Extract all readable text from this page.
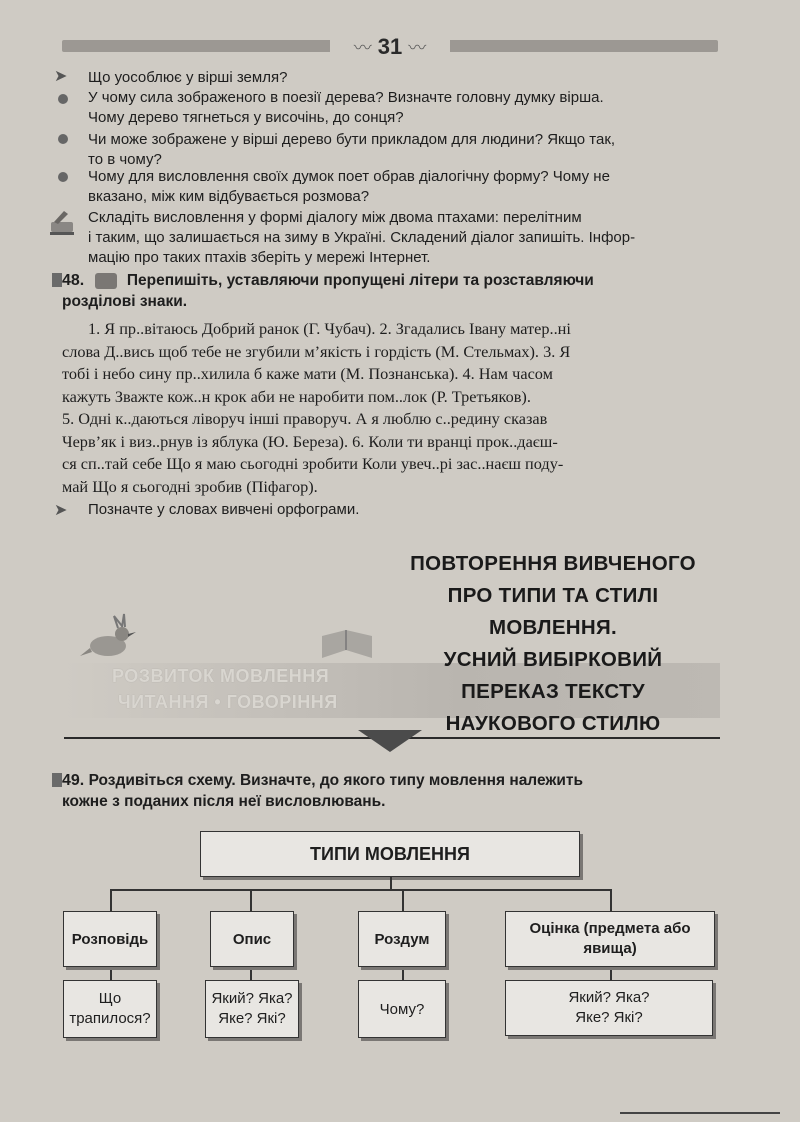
〰 31 〰
➤ Що уособлює у вірші земля?
У чому сила зображеного в поезії дерева? Визначте головну думку вірша.
Чому дерево тягнеться у височінь, до сонця?
Чи може зображене у вірші дерево бути прикладом для людини? Якщо так,
то в чому?
Чому для висловлення своїх думок поет обрав діалогічну форму? Чому не
вказано, між ким відбувається розмова?
Складіть висловлення у формі діалогу між двома птахами: перелітним
і таким, що залишається на зиму в Україні. Складений діалог запишіть. Інфор-
мацію про таких птахів зберіть у мережі Інтернет.
48.	Перепишіть, уставляючи пропущені літери та розставляючи
розділові знаки.

1. Я пр..вітаюсь Добрий ранок (Г. Чубач). 2. Згадались Івану матер..ні

слова Д..вись щоб тебе не згубили м’якість і гордість (М. Стельмах). 3. Я

тобі і небо сину пр..хилила б каже мати (М. Познанська). 4. Нам часом

кажуть Зважте кож..н крок аби не наробити пом..лок (Р. Третьяков).

5. Одні к..даються ліворуч інші праворуч. А я люблю с..редину сказав

Черв’як і виз..рнув із яблука (Ю. Береза). 6. Коли ти вранці прок..даєш-

ся сп..тай себе Що я маю сьогодні зробити Коли увеч..рі зас..наєш поду-

май Що я сьогодні зробив (Піфагор).

➤ Позначте у словах вивчені орфограми.
ПОВТОРЕННЯ ВИВЧЕНОГО
ПРО ТИПИ ТА СТИЛІ
МОВЛЕННЯ.
УСНИЙ ВИБІРКОВИЙ
ПЕРЕКАЗ ТЕКСТУ
НАУКОВОГО СТИЛЮ
РОЗВИТОК МОВЛЕННЯ
ЧИТАННЯ • ГОВОРІННЯ
49. Роздивіться схему. Визначте, до якого типу мовлення належить
кожне з поданих після неї висловлювань.
ТИПИ МОВЛЕННЯ
Розповідь	Опис	Роздум
Оцінка (предмета або явища)
Що трапилося?
Який? Яка? Яке? Які?
Чому?
Який? Яка? Яке? Які?
